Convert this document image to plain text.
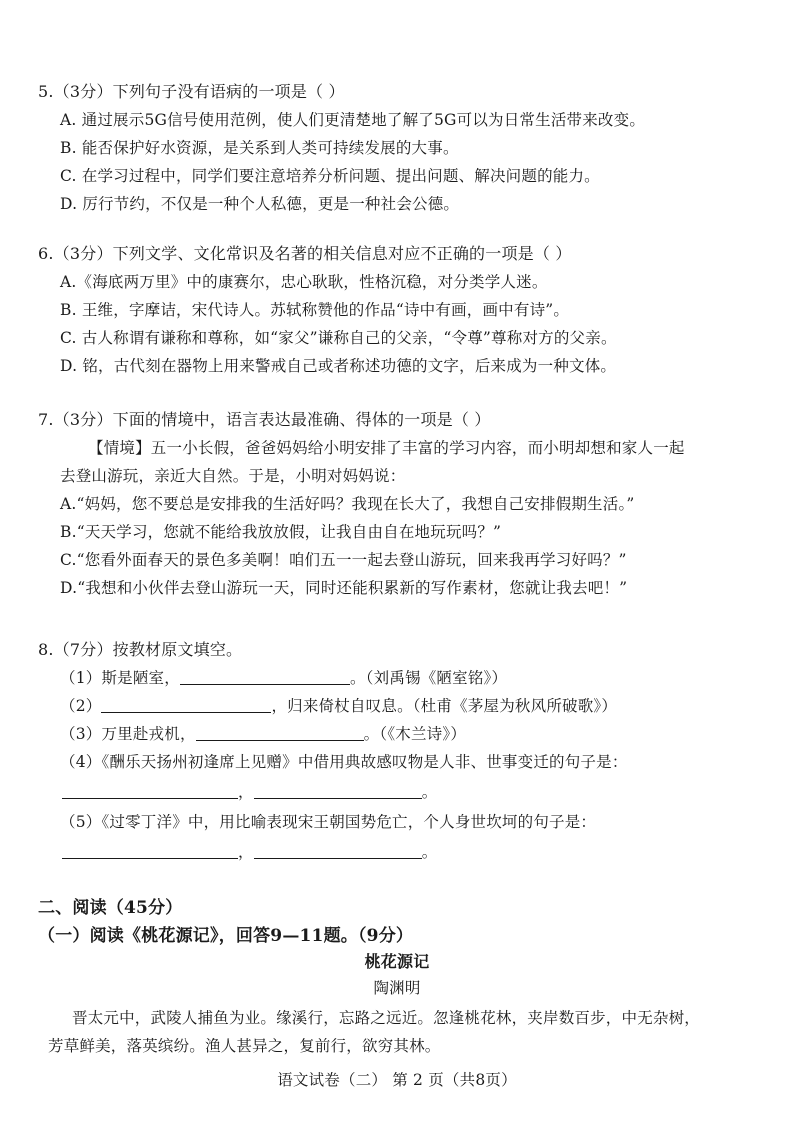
5.（3分）下列句子没有语病的一项是（ ）
A. 通过展示5G信号使用范例，使人们更清楚地了解了5G可以为日常生活带来改变。
B. 能否保护好水资源，是关系到人类可持续发展的大事。
C. 在学习过程中，同学们要注意培养分析问题、提出问题、解决问题的能力。
D. 厉行节约，不仅是一种个人私德，更是一种社会公德。
6.（3分）下列文学、文化常识及名著的相关信息对应不正确的一项是（ ）
A.《海底两万里》中的康赛尔，忠心耿耿，性格沉稳，对分类学人迷。
B. 王维，字摩诘，宋代诗人。苏轼称赞他的作品“诗中有画，画中有诗”。
C. 古人称谓有谦称和尊称，如“家父”谦称自己的父亲，“令尊”尊称对方的父亲。
D. 铭，古代刻在器物上用来警戒自己或者称述功德的文字，后来成为一种文体。
7.（3分）下面的情境中，语言表达最准确、得体的一项是（ ）
【情境】五一小长假，爸爸妈妈给小明安排了丰富的学习内容，而小明却想和家人一起
去登山游玩，亲近大自然。于是，小明对妈妈说：
A.“妈妈，您不要总是安排我的生活好吗？我现在长大了，我想自己安排假期生活。”
B.“天天学习，您就不能给我放放假，让我自由自在地玩玩吗？”
C.“您看外面春天的景色多美啊！咱们五一一起去登山游玩，回来我再学习好吗？”
D.“我想和小伙伴去登山游玩一天，同时还能积累新的写作素材，您就让我去吧！”
8.（7分）按教材原文填空。
（1）斯是陋室，	。（刘禹锡《陋室铭》）
（2）	，归来倚杖自叹息。（杜甫《茅屋为秋风所破歌》）
（3）万里赴戎机，	。（《木兰诗》）
（4）《酬乐天扬州初逢席上见赠》中借用典故感叹物是人非、世事变迁的句子是：
，	。
（5）《过零丁洋》中，用比喻表现宋王朝国势危亡，个人身世坎坷的句子是：
，	。
二、阅读（45分）
（一）阅读《桃花源记》，回答9—11题。（9分）
桃花源记
陶渊明
晋太元中，武陵人捕鱼为业。缘溪行，忘路之远近。忽逢桃花林，夹岸数百步，中无杂树，
芳草鲜美，落英缤纷。渔人甚异之，复前行，欲穷其林。
语文试卷（二） 第 2 页（共8页）
